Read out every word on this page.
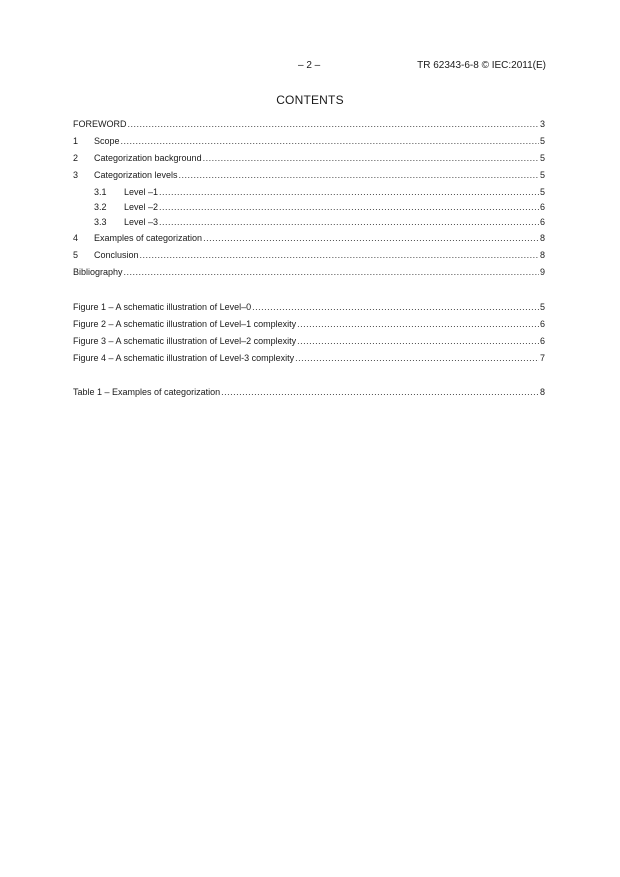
– 2 –	TR 62343-6-8 © IEC:2011(E)
CONTENTS
FOREWORD .....	3
1	Scope .....	5
2	Categorization background .....	5
3	Categorization levels .....	5
3.1	Level –1 .....	5
3.2	Level –2 .....	6
3.3	Level –3 .....	6
4	Examples of categorization .....	8
5	Conclusion .....	8
Bibliography .....	9
Figure 1 – A schematic illustration of Level–0 .....	5
Figure 2 – A schematic illustration of Level–1 complexity .....	6
Figure 3 – A schematic illustration of Level–2 complexity .....	6
Figure 4 – A schematic illustration of Level-3 complexity .....	7
Table 1 – Examples of categorization .....	8
